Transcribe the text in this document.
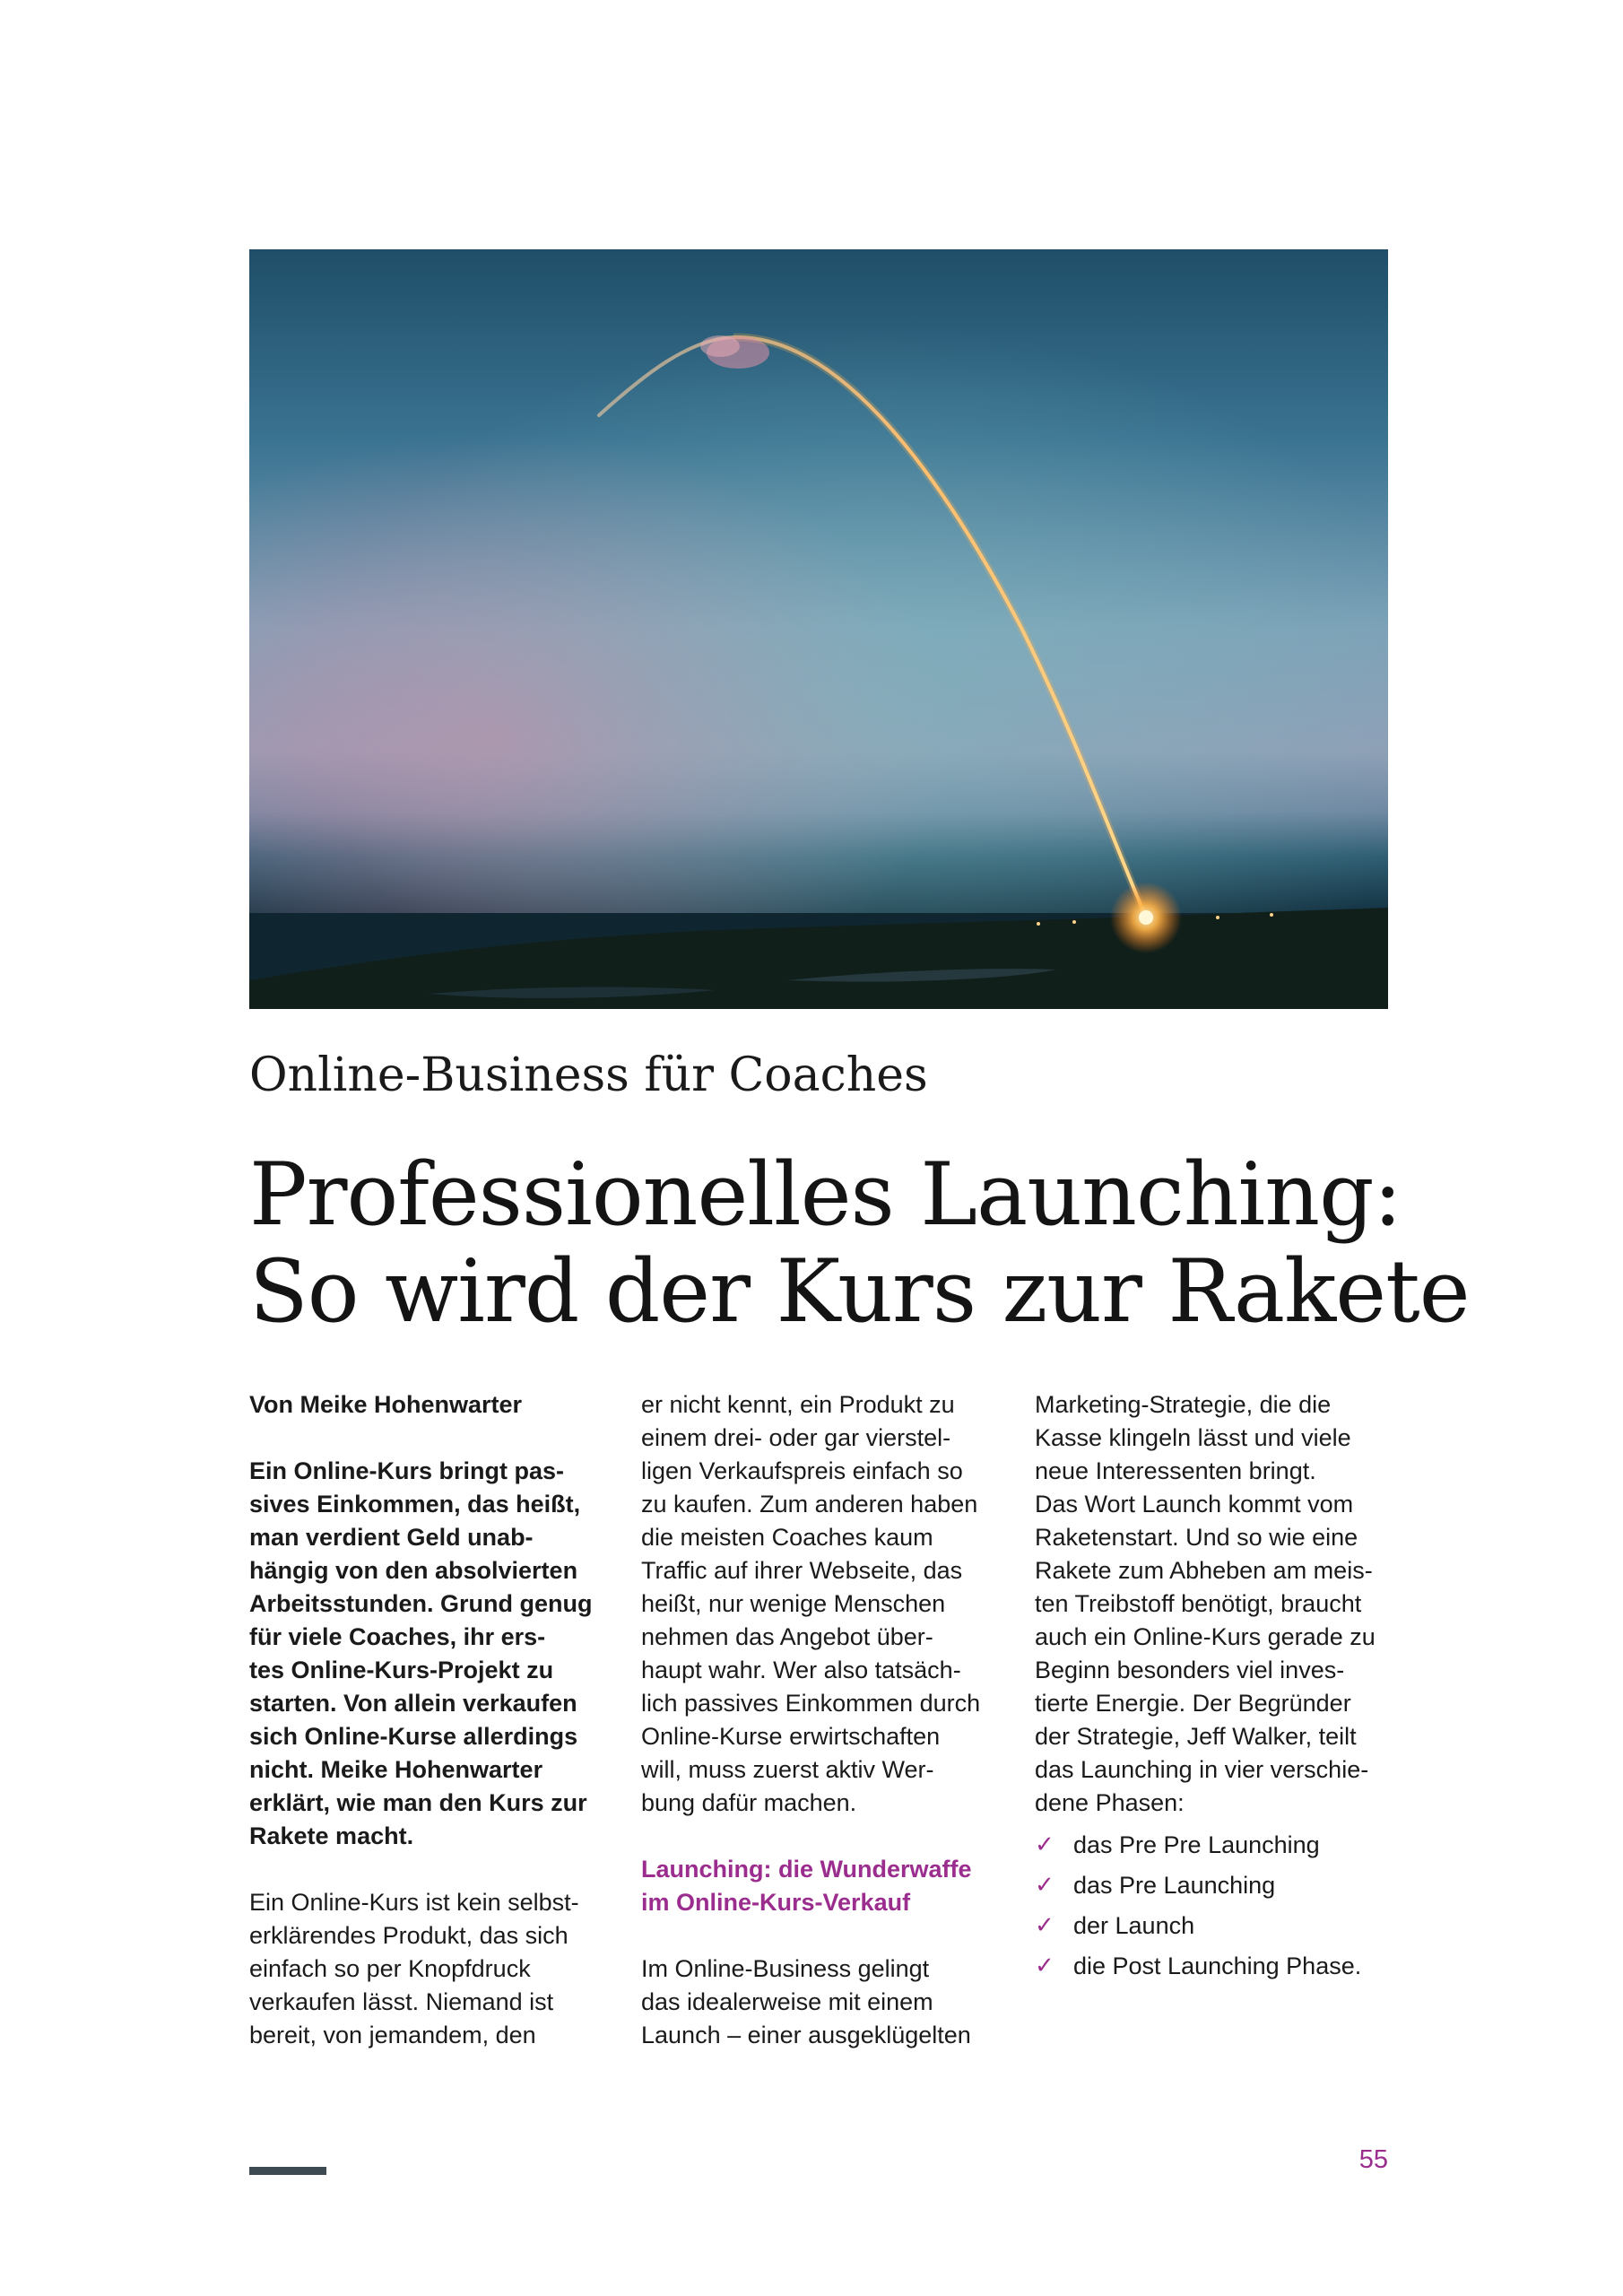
Online-Business für Coaches
Professionelles Launching:
So wird der Kurs zur Rakete
Von Meike Hohenwarter
Ein Online-Kurs bringt pas-
sives Einkommen, das heißt,
man verdient Geld unab-
hängig von den absolvierten
Arbeitsstunden. Grund genug
für viele Coaches, ihr ers-
tes Online-Kurs-Projekt zu
starten. Von allein verkaufen
sich Online-Kurse allerdings
nicht. Meike Hohenwarter
erklärt, wie man den Kurs zur
Rakete macht.
Ein Online-Kurs ist kein selbst-
erklärendes Produkt, das sich
einfach so per Knopfdruck
verkaufen lässt. Niemand ist
bereit, von jemandem, den
er nicht kennt, ein Produkt zu
einem drei- oder gar vierstel-
ligen Verkaufspreis einfach so
zu kaufen. Zum anderen haben
die meisten Coaches kaum
Traffic auf ihrer Webseite, das
heißt, nur wenige Menschen
nehmen das Angebot über-
haupt wahr. Wer also tatsäch-
lich passives Einkommen durch
Online-Kurse erwirtschaften
will, muss zuerst aktiv Wer-
bung dafür machen.
Launching: die Wunderwaffe
im Online-Kurs-Verkauf
Im Online-Business gelingt
das idealerweise mit einem
Launch – einer ausgeklügelten
Marketing-Strategie, die die
Kasse klingeln lässt und viele
neue Interessenten bringt.
Das Wort Launch kommt vom
Raketenstart. Und so wie eine
Rakete zum Abheben am meis-
ten Treibstoff benötigt, braucht
auch ein Online-Kurs gerade zu
Beginn besonders viel inves-
tierte Energie. Der Begründer
der Strategie, Jeff Walker, teilt
das Launching in vier verschie-
dene Phasen:
✓ das Pre Pre Launching
✓ das Pre Launching
✓ der Launch
✓ die Post Launching Phase.
55
